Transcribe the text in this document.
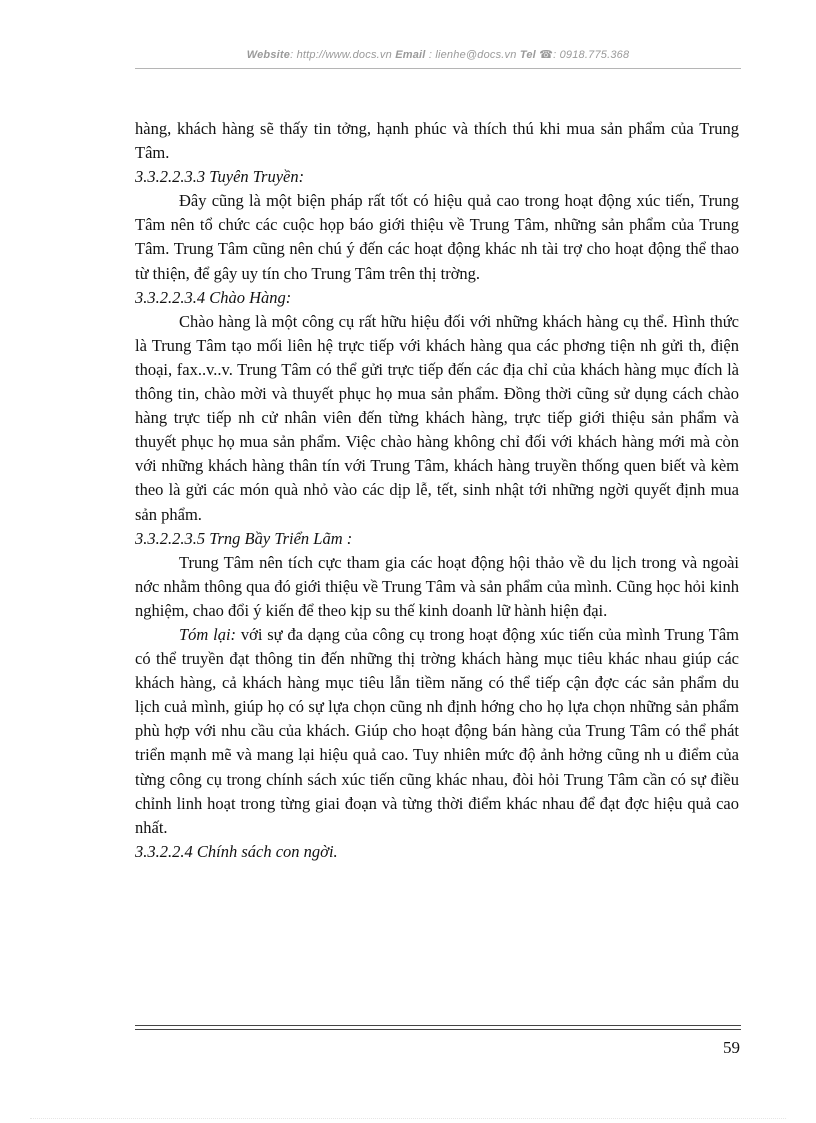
Website: http://www.docs.vn Email : lienhe@docs.vn Tel ☎: 0918.775.368

hàng, khách hàng sẽ thấy tin tởng, hạnh phúc và thích thú khi mua sản phẩm của Trung Tâm.

3.3.2.2.3.3 Tuyên Truyền:

Đây cũng là một biện pháp rất tốt có hiệu quả cao trong hoạt động xúc tiến, Trung Tâm nên tổ chức các cuộc họp báo giới thiệu về Trung Tâm, những sản phẩm của Trung Tâm. Trung Tâm cũng nên chú ý đến các hoạt động khác nh tài trợ cho hoạt động thể thao từ thiện, để gây uy tín cho Trung Tâm trên thị trờng.

3.3.2.2.3.4 Chào Hàng:

Chào hàng là một công cụ rất hữu hiệu đối với những khách hàng cụ thể. Hình thức là Trung Tâm tạo mối liên hệ trực tiếp với khách hàng qua các phơng tiện nh gửi th, điện thoại, fax..v..v. Trung Tâm có thể gửi trực tiếp đến các địa chỉ của khách hàng mục đích là thông tin, chào mời và thuyết phục họ mua sản phẩm. Đồng thời cũng sử dụng cách chào hàng trực tiếp nh cử nhân viên đến từng khách hàng, trực tiếp giới thiệu sản phẩm và thuyết phục họ mua sản phẩm. Việc chào hàng không chỉ đối với khách hàng mới mà còn với những khách hàng thân tín với Trung Tâm, khách hàng truyền thống quen biết và kèm theo là gửi các món quà nhỏ vào các dịp lễ, tết, sinh nhật tới những ngời quyết định mua sản phẩm.

3.3.2.2.3.5 Trng Bầy Triển Lãm :

Trung Tâm nên tích cực tham gia các hoạt động hội thảo về du lịch trong và ngoài nớc nhằm thông qua đó giới thiệu về Trung Tâm và sản phẩm của mình. Cũng học hỏi kinh nghiệm, chao đổi ý kiến để theo kịp su thế kinh doanh lữ hành hiện đại.

Tóm lại: với sự đa dạng của công cụ trong hoạt động xúc tiến của mình Trung Tâm có thể truyền đạt thông tin đến những thị trờng khách hàng mục tiêu khác nhau giúp các khách hàng, cả khách hàng mục tiêu lẫn tiềm năng có thể tiếp cận đợc các sản phẩm du lịch cuả mình, giúp họ có sự lựa chọn cũng nh định hớng cho họ lựa chọn những sản phẩm phù hợp với nhu cầu của khách. Giúp cho hoạt động bán hàng của Trung Tâm có thể phát triển mạnh mẽ và mang lại hiệu quả cao. Tuy nhiên mức độ ảnh hởng cũng nh u điểm của từng công cụ trong chính sách xúc tiến cũng khác nhau, đòi hỏi Trung Tâm cần có sự điều chỉnh linh hoạt trong từng giai đoạn và từng thời điểm khác nhau để đạt đợc hiệu quả cao nhất.

3.3.2.2.4 Chính sách con ngời.

59
